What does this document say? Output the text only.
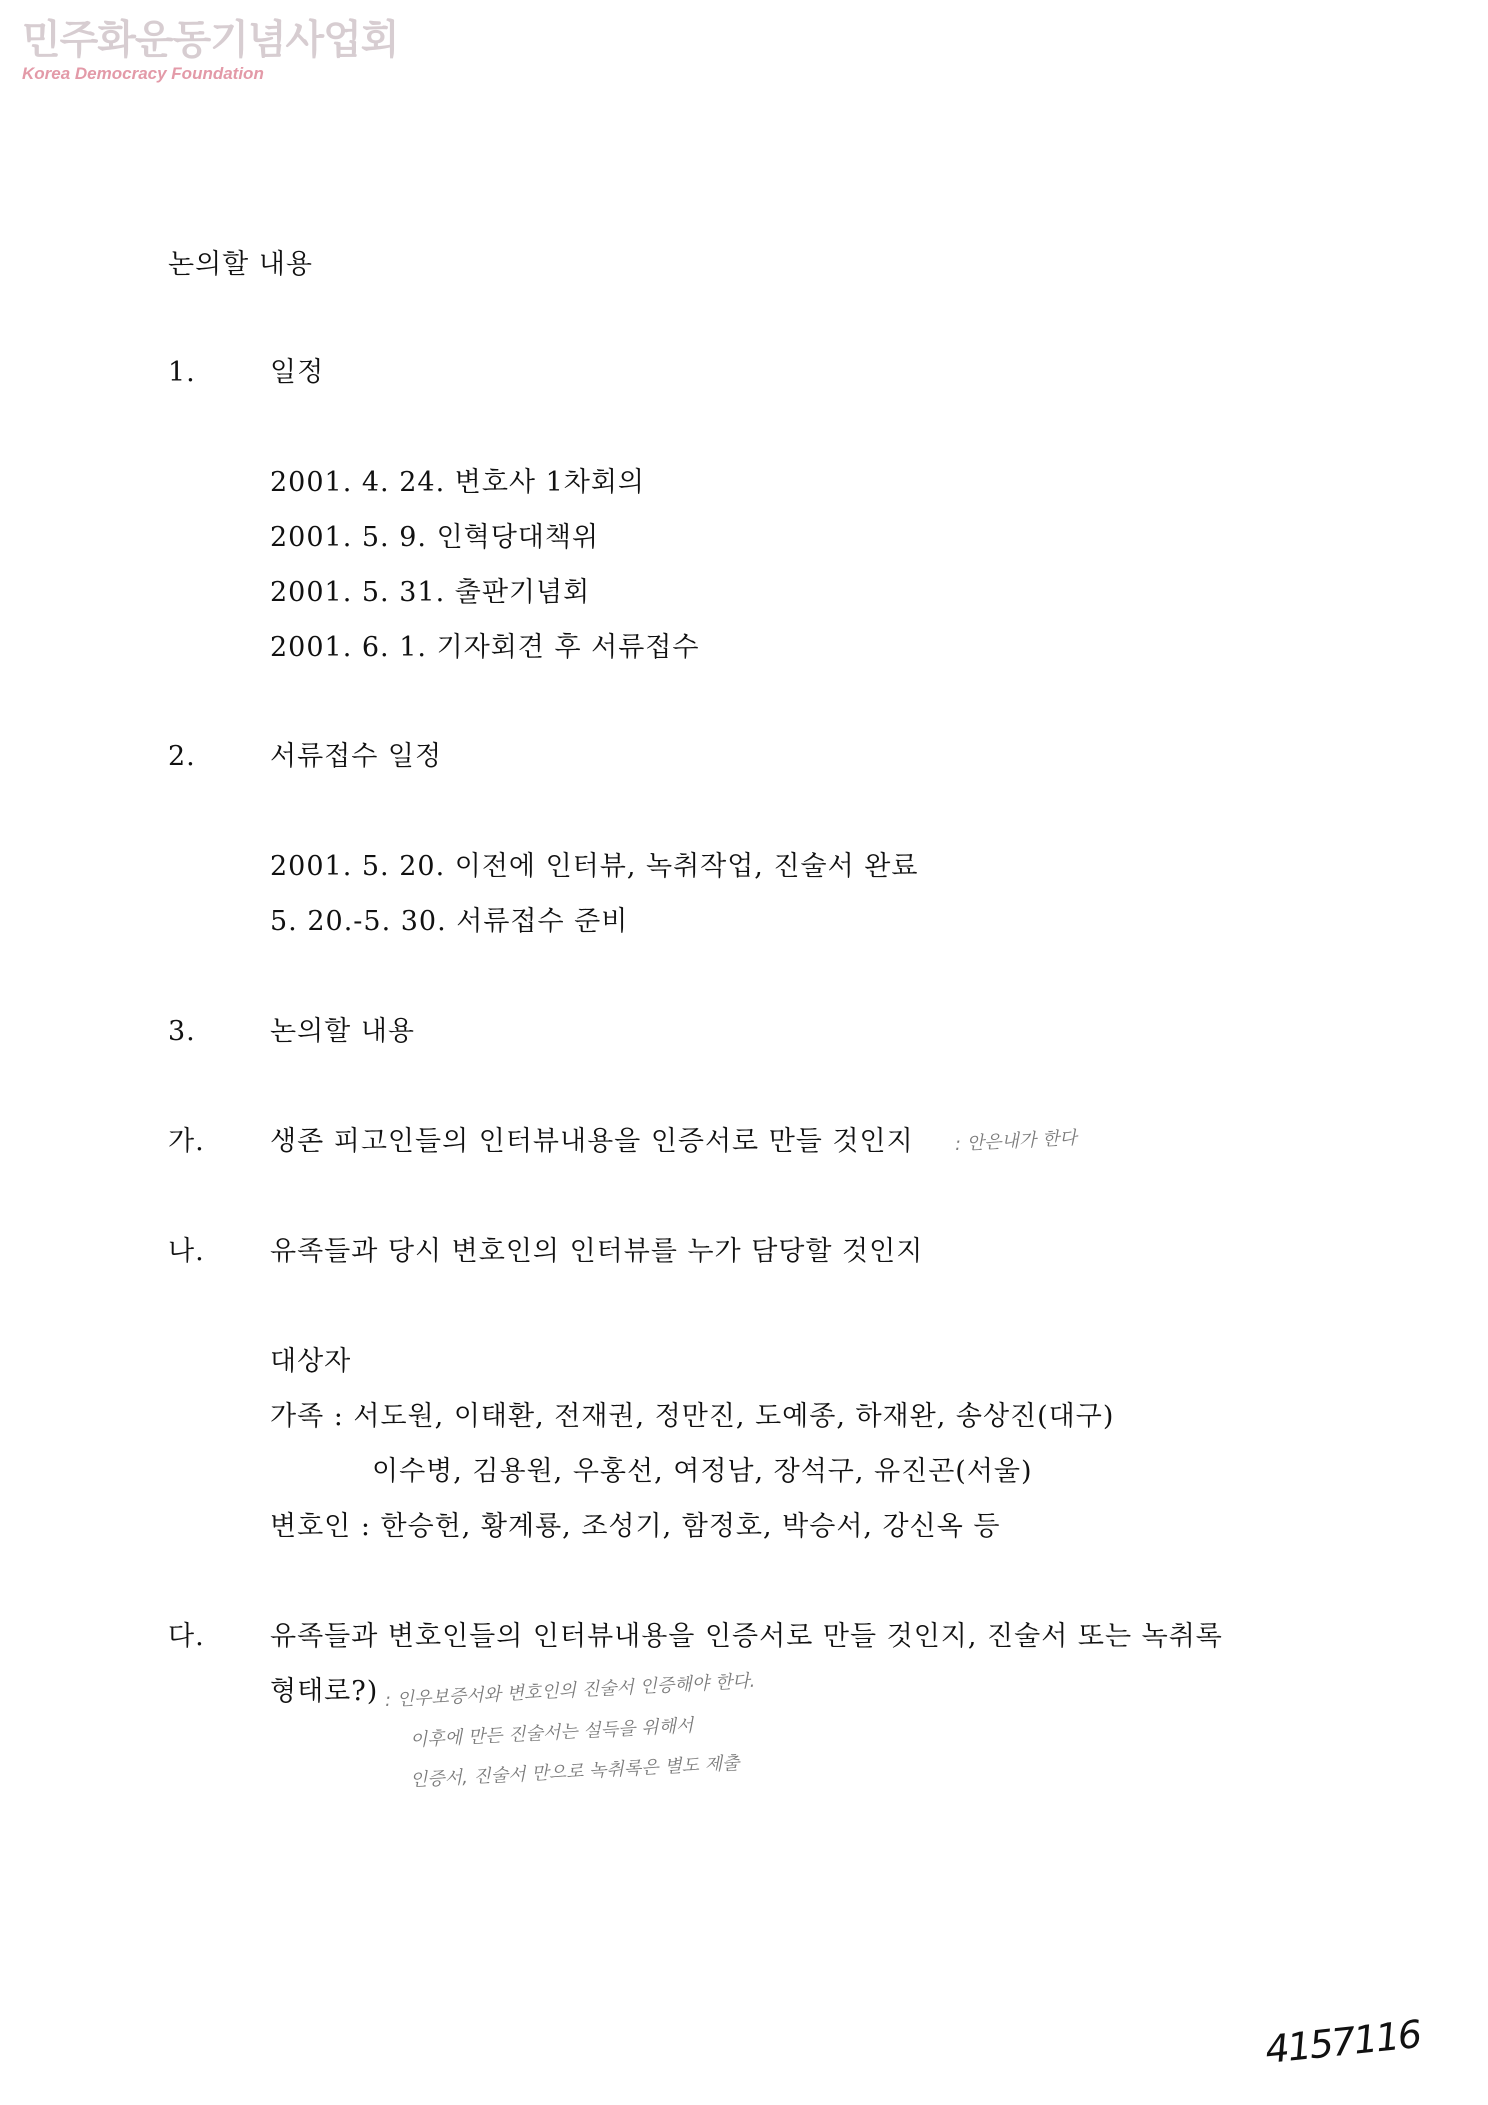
민주화운동기념사업회
Korea Democracy Foundation
논의할 내용
1.	일정
2001. 4. 24. 변호사 1차회의
2001. 5. 9. 인혁당대책위
2001. 5. 31. 출판기념회
2001. 6. 1. 기자회견 후 서류접수
2.	서류접수 일정
2001. 5. 20. 이전에 인터뷰, 녹취작업, 진술서 완료
5. 20.-5. 30. 서류접수 준비
3.	논의할 내용
가. 생존 피고인들의 인터뷰내용을 인증서로 만들 것인지 : 안은내가 한다
나. 유족들과 당시 변호인의 인터뷰를 누가 담당할 것인지
대상자
가족 : 서도원, 이태환, 전재권, 정만진, 도예종, 하재완, 송상진(대구)
이수병, 김용원, 우홍선, 여정남, 장석구, 유진곤(서울)
변호인 : 한승헌, 황계룡, 조성기, 함정호, 박승서, 강신옥 등
다. 유족들과 변호인들의 인터뷰내용을 인증서로 만들 것인지, 진술서 또는 녹취록
형태로?) : 인우보증서와 변호인의 진술서 인증해야 한다.
이후에 만든 진술서는 설득을 위해서
인증서, 진술서 만으로 녹취록은 별도 제출
4157116
